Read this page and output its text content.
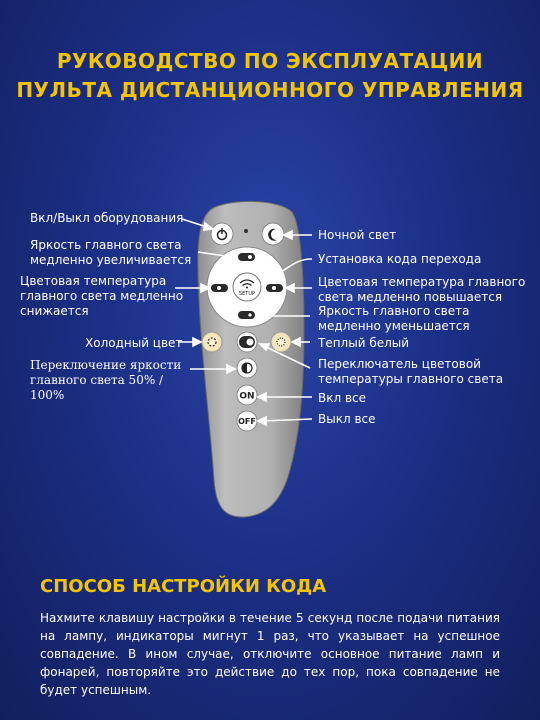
РУКОВОДСТВО ПО ЭКСПЛУАТАЦИИ
ПУЛЬТА ДИСТАНЦИОННОГО УПРАВЛЕНИЯ
SETUP
ON
OFF
Вкл/Выкл оборудования
Яркость главного света
медленно увеличивается
Цветовая температура
главного света медленно
снижается
Холодный цвет
Переключение яркости
главного света 50% /
100%
Ночной свет
Установка кода перехода
Цветовая температура главного
света медленно повышается
Яркость главного света
медленно уменьшается
Теплый белый
Переключатель цветовой
температуры главного света
Вкл все
Выкл все
СПОСОБ НАСТРОЙКИ КОДА
Нахмите клавишу настройки в течение 5 секунд после подачи питания на лампу, индикаторы мигнут 1 раз, что указывает на успешное совпадение. В ином случае, отключите основное питание ламп и фонарей, повторяйте это действие до тех пор, пока совпадение не будет успешным.
